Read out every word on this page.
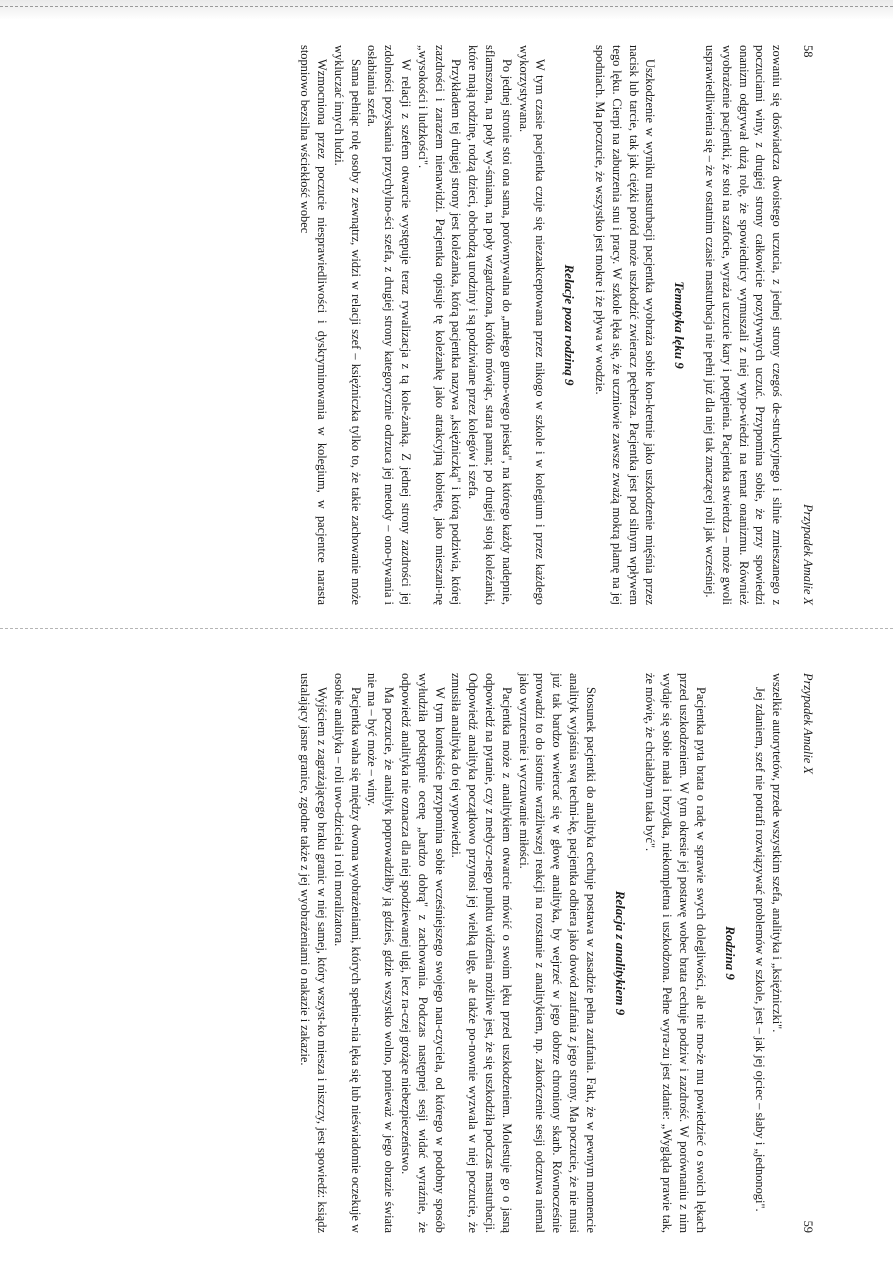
58
Przypadek Amalie X

zowaniu się doświadcza dwoistego uczucia, z jednej strony czegoś de-strukcyjnego i silnie zmieszanego z poczuciami winy, z drugiej strony całkowicie pozytywnych uczuć. Przypomina sobie, że przy spowiedzi onanizm odgrywał dużą rolę, że spowiednicy wymuszali z niej wypo-wiedzi na temat onanizmu. Również wyobrażenie pacjentki, że stoi na szafocie, wyraża uczucie kary i potępienia. Pacjentka stwierdza – może gwoli usprawiedliwienia się – że w ostatnim czasie masturbacja nie pełni już dla niej tak znaczącej roli jak wcześniej.

Tematyka lęku 9

Uszkodzenie w wyniku masturbacji pacjentka wyobraża sobie kon-kretnie jako uszkodzenie mięśnia przez nacisk lub tarcie, tak jak ciężki poród może uszkodzić zwieracz pęcherza. Pacjentka jest pod silnym wpływem tego lęku. Cierpi na zaburzenia snu i pracy. W szkole lęka się, że uczniowie zawsze zważą mokrą plamę na jej spodniach. Ma poczucie, że wszystko jest mokre i że pływa w wodzie.

Relacje poza rodziną 9

W tym czasie pacjentka czuje się niezaakceptowana przez nikogo w szkole i w kolegium i przez każdego wykorzystywana.

Po jednej stronie stoi ona sama, porównywalna do „małego gumo-wego pieska", na którego każdy nadepnie, sflamszona, na poły wy-śmiana, na poły wzgardzona, krótko mówiąc, stara panna; po drugiej stoją koleżanki, które mają rodzinę, rodzą dzieci, obchodzą urodziny i są podziwiane przez kolegów i szefa.

Przykładem tej drugiej strony jest koleżanka, którą pacjentka nazywa „księżniczką" i którą podziwia, której zazdrości i zarazem nienawidzi. Pacjentka opisuje tę koleżankę jako atrakcyjną kobietę, jako mieszani-nę „wysokości i ludzkości".

W relacji z szefem otwarcie występuje teraz rywalizacja z tą kole-żanką. Z jednej strony zazdrości jej zdolności pozyskania przychylno-ści szefa, z drugiej strony kategorycznie odrzuca jej metody – ono-tywania i osłabiania szefa.

Sama pełniąc rolę osoby z zewnątrz, widzi w relacji szef – księżniczka tylko to, że takie zachowanie może wykluczać innych ludzi.

Wzmocniona przez poczucie niesprawiedliwości i dyskryminowania w kolegium, w pacjentce narasta stopniowo bezsilna wściekłość wobec

Przypadek Amalie X
59

wszelkie autorytetów, przede wszystkim szefa, analityka i „księżniczki".

Jej zdaniem, szef nie potrafi rozwiązywać problemów w szkole, jest – jak jej ojciec – słaby i „jednonogi".

Rodzina 9

Pacjentka pyta brata o radę w sprawie swych dolegliwości, ale nie mo-że mu powiedzieć o swoich lękach przed uszkodzeniem. W tym okresie jej postawę wobec brata cechuje podziw i zazdrość. W porównaniu z nim wydaje się sobie mała i brzydka, niekompletna i uszkodzona. Pełne wyra-zu jest zdanie: „Wygląda prawie tak, że mówię, że chciałabym taka być".

Relacja z analitykiem 9

Stosunek pacjentki do analityka cechuje postawa w zasadzie pełna zaufania. Fakt, że w pewnym momencie analityk wyjaśnia swą techni-kę, pacjentka odbiera jako dowód zaufania z jego strony. Ma poczucie, że nie musi już tak bardzo wwiercać się w głowę analityka, by wejrzeć w jego dobrze chroniony skarb. Równocześnie prowadzi to do istotnie wrażliwszej reakcji na rozstanie z analitykiem, np. zakończenie sesji odczuwa niemal jako wyrzucenie i wyczuwanie miłości.

Pacjentka może z analitykiem otwarcie mówić o swoim lęku przed uszkodzeniem. Molestuje go o jasną odpowiedź na pytanie, czy z medycz-nego punktu widzenia możliwe jest, że się uszkodziła podczas masturbacji. Odpowiedź analityka początkowo przynosi jej wielką ulgę, ale także po-nownie wyzwala w niej poczucie, że zmusiła analityka do tej wypowiedzi.

W tym kontekście przypomina sobie wcześniejszego swojego nau-czyciela, od którego w podobny sposób wyłudziła podstępnie ocenę „bardzo dobrą" z zachowania. Podczas następnej sesji widać wyraźnie, że odpowiedź analityka nie oznacza dla niej spodziewanej ulgi, lecz ra-czej grożące niebezpieczeństwo.

Ma poczucie, że analityk poprowadziłby ją gdzieś, gdzie wszystko wolno, ponieważ w jego obrazie świata nie ma – być może – winy.

Pacjentka waha się między dwoma wyobrażeniami, których spełnie-nia lęka się lub nieświadomie oczekuje w osobie analityka – roli uwo-dziciela i roli moralizatora.

Wyjściem z zagrażającego braku granic w niej samej, który wszyst-ko miesza i niszczy, jest spowiedź: ksiądz ustalający jasne granice, zgodne także z jej wyobrażeniami o nakazie i zakazie.
